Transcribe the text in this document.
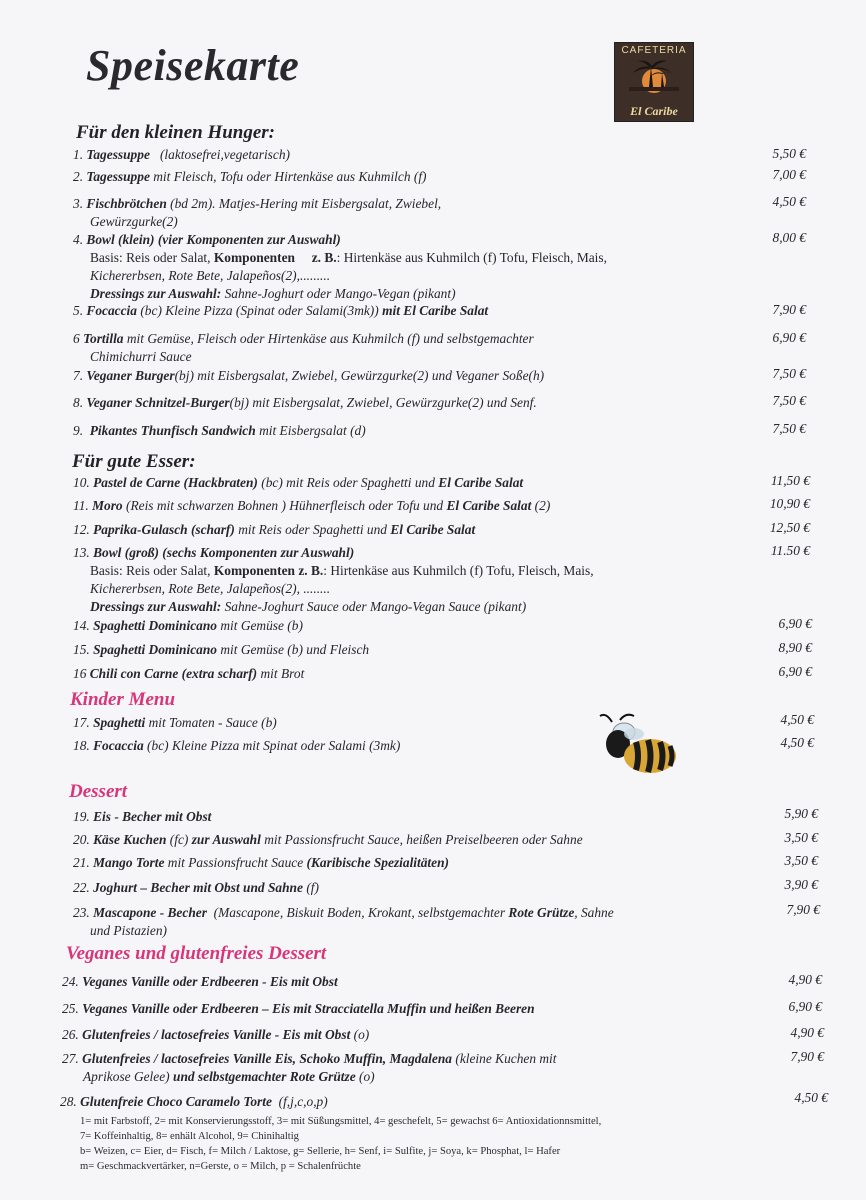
Speisekarte	CAFETERIA
El Caribe
Für den kleinen Hunger:
1. Tagessuppe (laktosefrei,vegetarisch)	5,50 €
2. Tagessuppe mit Fleisch, Tofu oder Hirtenkäse aus Kuhmilch (f)	7,00 €
3. Fischbrötchen (bd 2m). Matjes-Hering mit Eisbergsalat, Zwiebel,
Gewürzgurke(2)
4,50 €
4. Bowl (klein) (vier Komponenten zur Auswahl)
Basis: Reis oder Salat, Komponenten z. B.: Hirtenkäse aus Kuhmilch (f) Tofu, Fleisch, Mais,
Kichererbsen, Rote Bete, Jalapeños(2),.........
Dressings zur Auswahl: Sahne-Joghurt oder Mango-Vegan (pikant)
8,00 €
5. Focaccia (bc) Kleine Pizza (Spinat oder Salami(3mk)) mit El Caribe Salat	7,90 €
6 Tortilla mit Gemüse, Fleisch oder Hirtenkäse aus Kuhmilch (f) und selbstgemachter
Chimichurri Sauce
6,90 €
7. Veganer Burger(bj) mit Eisbergsalat, Zwiebel, Gewürzgurke(2) und Veganer Soße(h)	7,50 €
8. Veganer Schnitzel-Burger(bj) mit Eisbergsalat, Zwiebel, Gewürzgurke(2) und Senf.	7,50 €
9. Pikantes Thunfisch Sandwich mit Eisbergsalat (d)	7,50 €
Für gute Esser:
10. Pastel de Carne (Hackbraten) (bc) mit Reis oder Spaghetti und El Caribe Salat	11,50 €
11. Moro (Reis mit schwarzen Bohnen ) Hühnerfleisch oder Tofu und El Caribe Salat (2)	10,90 €
12. Paprika-Gulasch (scharf) mit Reis oder Spaghetti und El Caribe Salat	12,50 €
13. Bowl (groß) (sechs Komponenten zur Auswahl)
Basis: Reis oder Salat, Komponenten z. B.: Hirtenkäse aus Kuhmilch (f) Tofu, Fleisch, Mais,
Kichererbsen, Rote Bete, Jalapeños(2), ........
Dressings zur Auswahl: Sahne-Joghurt Sauce oder Mango-Vegan Sauce (pikant)
11.50 €
14. Spaghetti Dominicano mit Gemüse (b)	6,90 €
15. Spaghetti Dominicano mit Gemüse (b) und Fleisch	8,90 €
16 Chili con Carne (extra scharf) mit Brot	6,90 €
Kinder Menu
17. Spaghetti mit Tomaten - Sauce (b)	4,50 €
18. Focaccia (bc) Kleine Pizza mit Spinat oder Salami (3mk)	4,50 €
Dessert
19. Eis - Becher mit Obst	5,90 €
20. Käse Kuchen (fc) zur Auswahl mit Passionsfrucht Sauce, heißen Preiselbeeren oder Sahne	3,50 €
21. Mango Torte mit Passionsfrucht Sauce (Karibische Spezialitäten)	3,50 €
22. Joghurt – Becher mit Obst und Sahne (f)	3,90 €
23. Mascapone - Becher (Mascapone, Biskuit Boden, Krokant, selbstgemachter Rote Grütze, Sahne
und Pistazien)
7,90 €
Veganes und glutenfreies Dessert
24. Veganes Vanille oder Erdbeeren - Eis mit Obst	4,90 €
25. Veganes Vanille oder Erdbeeren – Eis mit Stracciatella Muffin und heißen Beeren	6,90 €
26. Glutenfreies / lactosefreies Vanille - Eis mit Obst (o)	4,90 €
27. Glutenfreies / lactosefreies Vanille Eis, Schoko Muffin, Magdalena (kleine Kuchen mit
Aprikose Gelee) und selbstgemachter Rote Grütze (o)
7,90 €
28. Glutenfreie Choco Caramelo Torte (f,j,c,o,p)	4,50 €
1= mit Farbstoff, 2= mit Konservierungsstoff, 3= mit Süßungsmittel, 4= geschefelt, 5= gewachst 6= Antioxidationnsmittel,
7= Koffeinhaltig, 8= enhält Alcohol, 9= Chinihaltig
b= Weizen, c= Eier, d= Fisch, f= Milch / Laktose, g= Sellerie, h= Senf, i= Sulfite, j= Soya, k= Phosphat, l= Hafer
m= Geschmackvertärker, n=Gerste, o = Milch, p = Schalenfrüchte
